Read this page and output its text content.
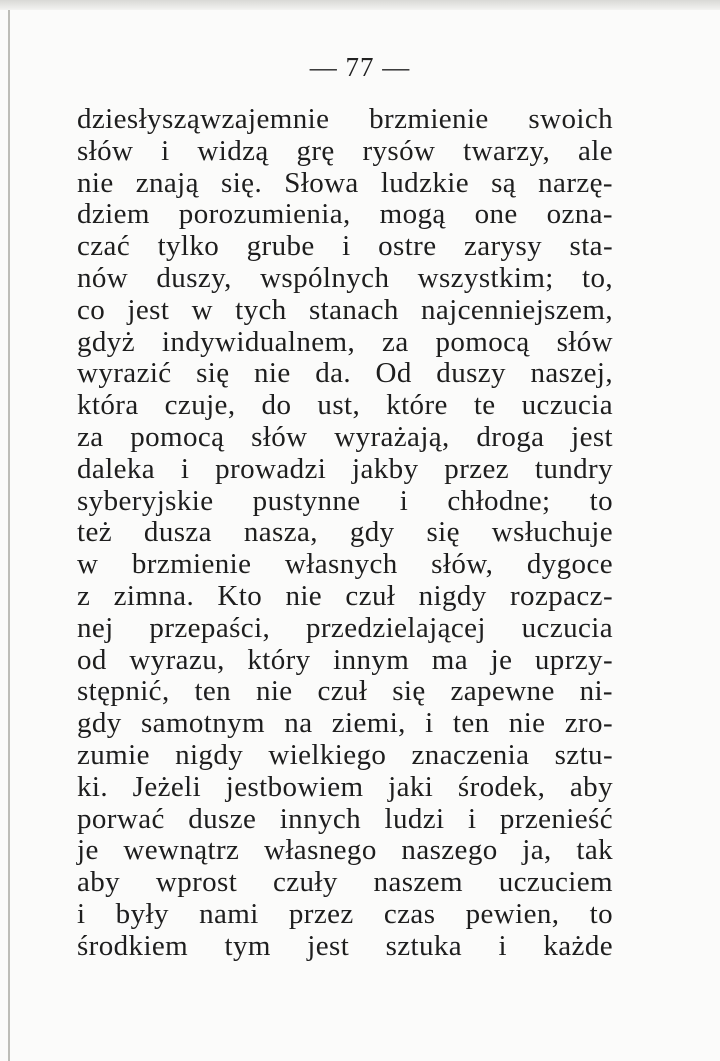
— 77 —
dziesłysząwzajemnie brzmienie swoich
słów i widzą grę rysów twarzy, ale
nie znają się. Słowa ludzkie są narzę-
dziem porozumienia, mogą one ozna-
czać tylko grube i ostre zarysy sta-
nów duszy, wspólnych wszystkim; to,
co jest w tych stanach najcenniejszem,
gdyż indywidualnem, za pomocą słów
wyrazić się nie da. Od duszy naszej,
która czuje, do ust, które te uczucia
za pomocą słów wyrażają, droga jest
daleka i prowadzi jakby przez tundry
syberyjskie pustynne i chłodne; to
też dusza nasza, gdy się wsłuchuje
w brzmienie własnych słów, dygoce
z zimna. Kto nie czuł nigdy rozpacz-
nej przepaści, przedzielającej uczucia
od wyrazu, który innym ma je uprzy-
stępnić, ten nie czuł się zapewne ni-
gdy samotnym na ziemi, i ten nie zro-
zumie nigdy wielkiego znaczenia sztu-
ki. Jeżeli jestbowiem jaki środek, aby
porwać dusze innych ludzi i przenieść
je wewnątrz własnego naszego ja, tak
aby wprost czuły naszem uczuciem
i były nami przez czas pewien, to
środkiem tym jest sztuka i każde
